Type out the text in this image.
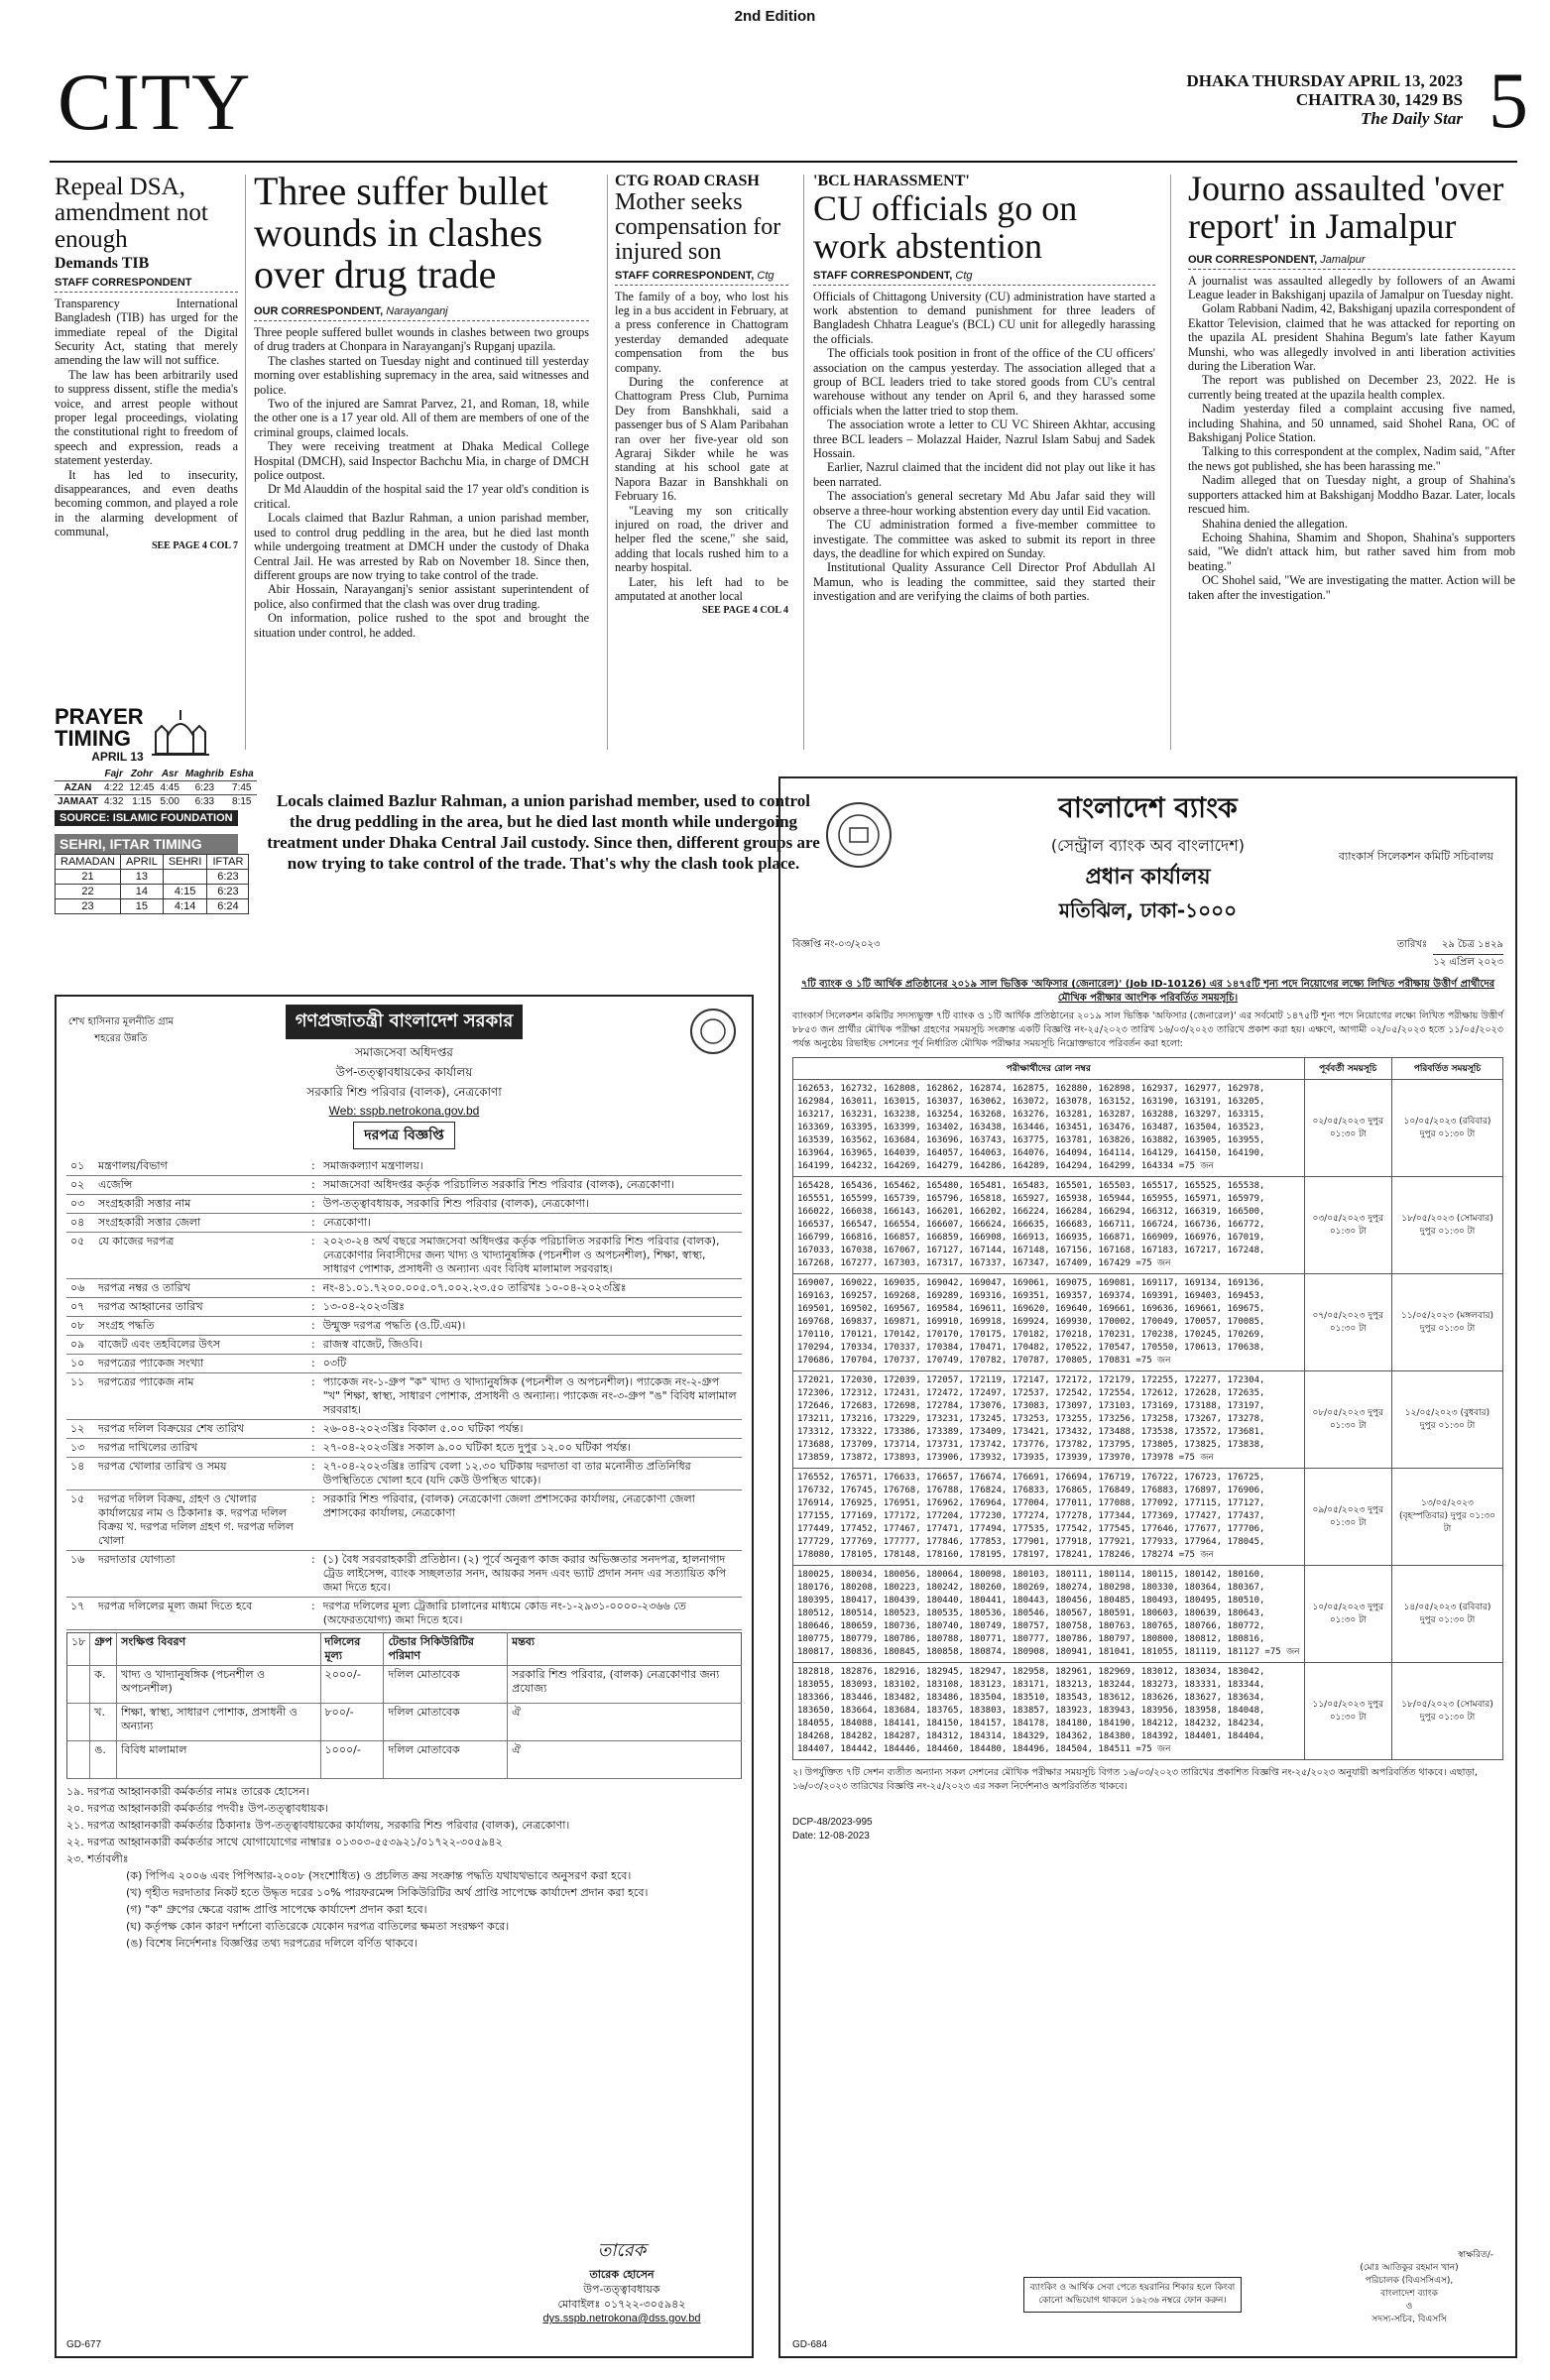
2nd Edition
CITY	DHAKA THURSDAY APRIL 13, 2023
CHAITRA 30, 1429 BS
The Daily Star 5
Repeal DSA, amendment not enough
Demands TIB
STAFF CORRESPONDENT

Transparency International Bangladesh (TIB) has urged for the immediate repeal of the Digital Security Act, stating that merely amending the law will not suffice.

The law has been arbitrarily used to suppress dissent, stifle the media's voice, and arrest people without proper legal proceedings, violating the constitutional right to freedom of speech and expression, reads a statement yesterday.

It has led to insecurity, disappearances, and even deaths becoming common, and played a role in the alarming development of communal,

SEE PAGE 4 COL 7
Three suffer bullet wounds in clashes over drug trade
OUR CORRESPONDENT, Narayanganj

Three people suffered bullet wounds in clashes between two groups of drug traders at Chonpara in Narayanganj's Rupganj upazila.

The clashes started on Tuesday night and continued till yesterday morning over establishing supremacy in the area, said witnesses and police.

Two of the injured are Samrat Parvez, 21, and Roman, 18, while the other one is a 17 year old. All of them are members of one of the criminal groups, claimed locals.

They were receiving treatment at Dhaka Medical College Hospital (DMCH), said Inspector Bachchu Mia, in charge of DMCH police outpost.

Dr Md Alauddin of the hospital said the 17 year old's condition is critical.

Locals claimed that Bazlur Rahman, a union parishad member, used to control drug peddling in the area, but he died last month while undergoing treatment at DMCH under the custody of Dhaka Central Jail. He was arrested by Rab on November 18. Since then, different groups are now trying to take control of the trade.

Abir Hossain, Narayanganj's senior assistant superintendent of police, also confirmed that the clash was over drug trading.

On information, police rushed to the spot and brought the situation under control, he added.

CTG ROAD CRASH
Mother seeks compensation for injured son
STAFF CORRESPONDENT, Ctg

The family of a boy, who lost his leg in a bus accident in February, at a press conference in Chattogram yesterday demanded adequate compensation from the bus company.

During the conference at Chattogram Press Club, Purnima Dey from Banshkhali, said a passenger bus of S Alam Paribahan ran over her five-year old son Agraraj Sikder while he was standing at his school gate at Napora Bazar in Banshkhali on February 16.

"Leaving my son critically injured on road, the driver and helper fled the scene," she said, adding that locals rushed him to a nearby hospital.

Later, his left had to be amputated at another local

SEE PAGE 4 COL 4
'BCL HARASSMENT'
CU officials go on work abstention
STAFF CORRESPONDENT, Ctg

Officials of Chittagong University (CU) administration have started a work abstention to demand punishment for three leaders of Bangladesh Chhatra League's (BCL) CU unit for allegedly harassing the officials.

The officials took position in front of the office of the CU officers' association on the campus yesterday. The association alleged that a group of BCL leaders tried to take stored goods from CU's central warehouse without any tender on April 6, and they harassed some officials when the latter tried to stop them.

The association wrote a letter to CU VC Shireen Akhtar, accusing three BCL leaders – Molazzal Haider, Nazrul Islam Sabuj and Sadek Hossain.

Earlier, Nazrul claimed that the incident did not play out like it has been narrated.

The association's general secretary Md Abu Jafar said they will observe a three-hour working abstention every day until Eid vacation.

The CU administration formed a five-member committee to investigate. The committee was asked to submit its report in three days, the deadline for which expired on Sunday.

Institutional Quality Assurance Cell Director Prof Abdullah Al Mamun, who is leading the committee, said they started their investigation and are verifying the claims of both parties.

Journo assaulted 'over report' in Jamalpur
OUR CORRESPONDENT, Jamalpur

A journalist was assaulted allegedly by followers of an Awami League leader in Bakshiganj upazila of Jamalpur on Tuesday night.

Golam Rabbani Nadim, 42, Bakshiganj upazila correspondent of Ekattor Television, claimed that he was attacked for reporting on the upazila AL president Shahina Begum's late father Kayum Munshi, who was allegedly involved in anti liberation activities during the Liberation War.

The report was published on December 23, 2022. He is currently being treated at the upazila health complex.

Nadim yesterday filed a complaint accusing five named, including Shahina, and 50 unnamed, said Shohel Rana, OC of Bakshiganj Police Station.

Talking to this correspondent at the complex, Nadim said, "After the news got published, she has been harassing me."

Nadim alleged that on Tuesday night, a group of Shahina's supporters attacked him at Bakshiganj Moddho Bazar. Later, locals rescued him.

Shahina denied the allegation.

Echoing Shahina, Shamim and Shopon, Shahina's supporters said, "We didn't attack him, but rather saved him from mob beating."

OC Shohel said, "We are investigating the matter. Action will be taken after the investigation."

PRAYER
TIMING
APRIL 13
	Fajr	Zohr	Asr	Maghrib	Esha
AZAN	4:22	12:45	4:45	6:23	7:45
JAMAAT	4:32	1:15	5:00	6:33	8:15
SOURCE: ISLAMIC FOUNDATION
SEHRI, IFTAR TIMING
RAMADAN	APRIL	SEHRI	IFTAR
21	13		6:23
22	14	4:15	6:23
23	15	4:14	6:24
Locals claimed Bazlur Rahman, a union parishad member, used to control the drug peddling in the area, but he died last month while undergoing treatment under Dhaka Central Jail custody. Since then, different groups are now trying to take control of the trade. That's why the clash took place.
শেখ হাসিনার মূলনীতি গ্রাম শহরের উন্নতি
গণপ্রজাতন্ত্রী বাংলাদেশ সরকার
সমাজসেবা অধিদপ্তর
উপ-তত্ত্বাবধায়কের কার্যালয়
সরকারি শিশু পরিবার (বালক), নেত্রকোণা
Web: sspb.netrokona.gov.bd
দরপত্র বিজ্ঞপ্তি
০১	মন্ত্রণালয়/বিভাগ	:	সমাজকল্যাণ মন্ত্রণালয়।
০২	এজেন্সি	:	সমাজসেবা অধিদপ্তর কর্তৃক পরিচালিত সরকারি শিশু পরিবার (বালক), নেত্রকোণা।
০৩	সংগ্রহকারী সত্তার নাম	:	উপ-তত্ত্বাবধায়ক, সরকারি শিশু পরিবার (বালক), নেত্রকোণা।
০৪	সংগ্রহকারী সত্তার জেলা	:	নেত্রকোণা।
০৫	যে কাজের দরপত্র	:	২০২৩-২৪ অর্থ বছরে সমাজসেবা অধিদপ্তর কর্তৃক পরিচালিত সরকারি শিশু পরিবার (বালক), নেত্রকোণার নিবাসীদের জন্য খাদ্য ও খাদ্যানুষঙ্গিক (পচনশীল ও অপচনশীল), শিক্ষা, স্বাস্থ্য, সাধারণ পোশাক, প্রসাধনী ও অন্যান্য এবং বিবিধ মালামাল সরবরাহ।
০৬	দরপত্র নম্বর ও তারিখ	:	নং-৪১.০১.৭২০০.০০৫.০৭.০০২.২৩.৫০ তারিখঃ ১০-০৪-২০২৩খ্রিঃ
০৭	দরপত্র আহ্বানের তারিখ	:	১৩-০৪-২০২৩খ্রিঃ
০৮	সংগ্রহ পদ্ধতি	:	উন্মুক্ত দরপত্র পদ্ধতি (ও.টি.এম)।
০৯	বাজেট এবং তহবিলের উৎস	:	রাজস্ব বাজেট, জিওবি।
১০	দরপত্রের প্যাকেজ সংখ্যা	:	০৩টি
১১	দরপত্রের প্যাকেজ নাম	:	প্যাকেজ নং-১-গ্রুপ "ক" খাদ্য ও খাদ্যানুষঙ্গিক (পচনশীল ও অপচনশীল)। প্যাকেজ নং-২-গ্রুপ "খ" শিক্ষা, স্বাস্থ্য, সাধারণ পোশাক, প্রসাধনী ও অন্যান্য। প্যাকেজ নং-৩-গ্রুপ "ঙ" বিবিধ মালামাল সরবরাহ।
১২	দরপত্র দলিল বিক্রয়ের শেষ তারিখ	:	২৬-০৪-২০২৩খ্রিঃ বিকাল ৫.০০ ঘটিকা পর্যন্ত।
১৩	দরপত্র দাখিলের তারিখ	:	২৭-০৪-২০২৩খ্রিঃ সকাল ৯.০০ ঘটিকা হতে দুপুর ১২.০০ ঘটিকা পর্যন্ত।
১৪	দরপত্র খোলার তারিখ ও সময়	:	২৭-০৪-২০২৩খ্রিঃ তারিখ বেলা ১২.৩০ ঘটিকায় দরদাতা বা তার মনোনীত প্রতিনিধির উপস্থিতিতে খোলা হবে (যদি কেউ উপস্থিত থাকে)।
১৫	দরপত্র দলিল বিক্রয়, গ্রহণ ও খোলার কার্যালয়ের নাম ও ঠিকানাঃ ক. দরপত্র দলিল বিক্রয় খ. দরপত্র দলিল গ্রহণ গ. দরপত্র দলিল খোলা	:	সরকারি শিশু পরিবার, (বালক) নেত্রকোণা জেলা প্রশাসকের কার্যালয়, নেত্রকোণা জেলা প্রশাসকের কার্যালয়, নেত্রকোণা
১৬	দরদাতার যোগ্যতা	:	(১) বৈধ সরবরাহকারী প্রতিষ্ঠান। (২) পূর্বে অনুরূপ কাজ করার অভিজ্ঞতার সনদপত্র, হালনাগাদ ট্রেড লাইসেন্স, ব্যাংক সচ্ছলতার সনদ, আয়কর সনদ এবং ভ্যাট প্রদান সনদ এর সত্যায়িত কপি জমা দিতে হবে।
১৭	দরপত্র দলিলের মূল্য জমা দিতে হবে	:	দরপত্র দলিলের মূল্য ট্রেজারি চালানের মাধ্যমে কোড নং-১-২৯৩১-০০০০-২৩৬৬ তে (অফেরতযোগ্য) জমা দিতে হবে।
১৮	গ্রুপ	সংক্ষিপ্ত বিবরণ	দলিলের মূল্য	টেন্ডার সিকিউরিটির পরিমাণ	মন্তব্য
	ক.	খাদ্য ও খাদ্যানুষঙ্গিক (পচনশীল ও অপচনশীল)	২০০০/-	দলিল মোতাবেক	সরকারি শিশু পরিবার, (বালক) নেত্রকোণার জন্য প্রযোজ্য
	খ.	শিক্ষা, স্বাস্থ্য, সাধারণ পোশাক, প্রসাধনী ও অন্যান্য	৮০০/-	দলিল মোতাবেক	ঐ
	ঙ.	বিবিধ মালামাল	১০০০/-	দলিল মোতাবেক	ঐ
১৯. দরপত্র আহ্বানকারী কর্মকর্তার নামঃ তারেক হোসেন।
২০. দরপত্র আহ্বানকারী কর্মকর্তার পদবীঃ উপ-তত্ত্বাবধায়ক।
২১. দরপত্র আহ্বানকারী কর্মকর্তার ঠিকানাঃ উপ-তত্ত্বাবধায়কের কার্যালয়, সরকারি শিশু পরিবার (বালক), নেত্রকোণা।
২২. দরপত্র আহ্বানকারী কর্মকর্তার সাথে যোগাযোগের নাম্বারঃ ০১৩০৩-৫৫৩৯২১/০১৭২২-৩০৫৯৪২
২৩. শর্তাবলীঃ
(ক) পিপিএ ২০০৬ এবং পিপিআর-২০০৮ (সংশোধিত) ও প্রচলিত ক্রয় সংক্রান্ত পদ্ধতি যথাযথভাবে অনুসরণ করা হবে।
(খ) গৃহীত দরদাতার নিকট হতে উদ্ধৃত দরের ১০% পারফরমেন্স সিকিউরিটির অর্থ প্রাপ্তি সাপেক্ষে কার্যাদেশ প্রদান করা হবে।
(গ) "ক" গ্রুপের ক্ষেত্রে বরাদ্দ প্রাপ্তি সাপেক্ষে কার্যাদেশ প্রদান করা হবে।
(ঘ) কর্তৃপক্ষ কোন কারণ দর্শানো ব্যতিরেকে যেকোন দরপত্র বাতিলের ক্ষমতা সংরক্ষণ করে।
(ঙ) বিশেষ নির্দেশনাঃ বিজ্ঞপ্তির তথ্য দরপত্রের দলিলে বর্ণিত থাকবে।
তারেক
তারেক হোসেন
উপ-তত্ত্বাবধায়ক
মোবাইলঃ ০১৭২২-৩০৫৯৪২
dys.sspb.netrokona@dss.gov.bd
GD-677
বাংলাদেশ ব্যাংক
(সেন্ট্রাল ব্যাংক অব বাংলাদেশ)
প্রধান কার্যালয়
মতিঝিল, ঢাকা-১০০০
ব্যাংকার্স সিলেকশন কমিটি সচিবালয়
বিজ্ঞপ্তি নং-০৩/২০২৩	তারিখঃ	২৯ চৈত্র ১৪২৯
১২ এপ্রিল ২০২৩
৭টি ব্যাংক ও ১টি আর্থিক প্রতিষ্ঠানের ২০১৯ সাল ভিত্তিক 'অফিসার (জেনারেল)' (Job ID-10126) এর ১৪৭৫টি শূন্য পদে নিয়োগের লক্ষ্যে লিখিত পরীক্ষায় উত্তীর্ণ প্রার্থীদের মৌখিক পরীক্ষার আংশিক পরিবর্তিত সময়সূচি।
ব্যাংকার্স সিলেকশন কমিটির সদস্যভুক্ত ৭টি ব্যাংক ও ১টি আর্থিক প্রতিষ্ঠানের ২০১৯ সাল ভিত্তিক 'অফিসার (জেনারেল)' এর সর্বমোট ১৪৭৫টি শূন্য পদে নিয়োগের লক্ষ্যে লিখিত পরীক্ষায় উত্তীর্ণ ৮৮৫৩ জন প্রার্থীর মৌখিক পরীক্ষা গ্রহণের সময়সূচি সংক্রান্ত একটি বিজ্ঞপ্তি নং-২৫/২০২৩ তারিখ ১৬/০৩/২০২৩ তারিখে প্রকাশ করা হয়। এক্ষণে, আগামী ০২/০৫/২০২৩ হতে ১১/০৫/২০২৩ পর্যন্ত অনুষ্ঠেয় রিভাইভ সেশনের পূর্ব নির্ধারিত মৌখিক পরীক্ষার সময়সূচি নিম্নোক্তভাবে পরিবর্তন করা হলো:
পরীক্ষার্থীদের রোল নম্বর	পূর্ববর্তী সময়সূচি	পরিবর্তিত সময়সূচি
162653, 162732, 162808, 162862, 162874, 162875, 162880, 162898, 162937, 162977, 162978, 162984, 163011, 163015, 163037, 163062, 163072, 163078, 163152, 163190, 163191, 163205, 163217, 163231, 163238, 163254, 163268, 163276, 163281, 163287, 163288, 163297, 163315, 163369, 163395, 163399, 163402, 163438, 163446, 163451, 163476, 163487, 163504, 163523, 163539, 163562, 163684, 163696, 163743, 163775, 163781, 163826, 163882, 163905, 163955, 163964, 163965, 164039, 164057, 164063, 164076, 164094, 164114, 164129, 164150, 164190, 164199, 164232, 164269, 164279, 164286, 164289, 164294, 164299, 164334 =75 জন	০২/০৫/২০২৩ দুপুর ০১:৩০ টা	১০/০৫/২০২৩ (রবিবার) দুপুর ০১:৩০ টা
165428, 165436, 165462, 165480, 165481, 165483, 165501, 165503, 165517, 165525, 165538, 165551, 165599, 165739, 165796, 165818, 165927, 165938, 165944, 165955, 165971, 165979, 166022, 166038, 166143, 166201, 166202, 166224, 166284, 166294, 166312, 166319, 166500, 166537, 166547, 166554, 166607, 166624, 166635, 166683, 166711, 166724, 166736, 166772, 166799, 166816, 166857, 166859, 166908, 166913, 166935, 166871, 166909, 166976, 167019, 167033, 167038, 167067, 167127, 167144, 167148, 167156, 167168, 167183, 167217, 167248, 167268, 167277, 167303, 167317, 167337, 167347, 167409, 167429 =75 জন	০৩/০৫/২০২৩ দুপুর ০১:৩০ টা	১৮/০৫/২০২৩ (সোমবার) দুপুর ০১:৩০ টা
169007, 169022, 169035, 169042, 169047, 169061, 169075, 169081, 169117, 169134, 169136, 169163, 169257, 169268, 169289, 169316, 169351, 169357, 169374, 169391, 169403, 169453, 169501, 169502, 169567, 169584, 169611, 169620, 169640, 169661, 169636, 169661, 169675, 169768, 169837, 169871, 169910, 169918, 169924, 169930, 170002, 170049, 170057, 170085, 170110, 170121, 170142, 170170, 170175, 170182, 170218, 170231, 170238, 170245, 170269, 170294, 170334, 170337, 170384, 170471, 170482, 170522, 170547, 170550, 170613, 170638, 170686, 170704, 170737, 170749, 170782, 170787, 170805, 170831 =75 জন	০৭/০৫/২০২৩ দুপুর ০১:৩০ টা	১১/০৫/২০২৩ (মঙ্গলবার) দুপুর ০১:৩০ টা
172021, 172030, 172039, 172057, 172119, 172147, 172172, 172179, 172255, 172277, 172304, 172306, 172312, 172431, 172472, 172497, 172537, 172542, 172554, 172612, 172628, 172635, 172646, 172683, 172698, 172784, 173076, 173083, 173097, 173103, 173169, 173188, 173197, 173211, 173216, 173229, 173231, 173245, 173253, 173255, 173256, 173258, 173267, 173278, 173312, 173322, 173386, 173389, 173409, 173421, 173432, 173488, 173538, 173572, 173681, 173688, 173709, 173714, 173731, 173742, 173776, 173782, 173795, 173805, 173825, 173838, 173859, 173872, 173893, 173906, 173932, 173935, 173939, 173970, 173978 =75 জন	০৮/০৫/২০২৩ দুপুর ০১:৩০ টা	১২/০৫/২০২৩ (বুধবার) দুপুর ০১:৩০ টা
176552, 176571, 176633, 176657, 176674, 176691, 176694, 176719, 176722, 176723, 176725, 176732, 176745, 176768, 176788, 176824, 176833, 176865, 176849, 176883, 176897, 176906, 176914, 176925, 176951, 176962, 176964, 177004, 177011, 177088, 177092, 177115, 177127, 177155, 177169, 177172, 177204, 177230, 177274, 177278, 177344, 177369, 177427, 177437, 177449, 177452, 177467, 177471, 177494, 177535, 177542, 177545, 177646, 177677, 177706, 177729, 177769, 177777, 177846, 177853, 177901, 177918, 177921, 177933, 177964, 178045, 178080, 178105, 178148, 178160, 178195, 178197, 178241, 178246, 178274 =75 জন	০৯/০৫/২০২৩ দুপুর ০১:৩০ টা	১৩/০৫/২০২৩ (বৃহস্পতিবার) দুপুর ০১:৩০ টা
180025, 180034, 180056, 180064, 180098, 180103, 180111, 180114, 180115, 180142, 180160, 180176, 180208, 180223, 180242, 180260, 180269, 180274, 180298, 180330, 180364, 180367, 180395, 180417, 180439, 180440, 180441, 180443, 180456, 180485, 180493, 180495, 180510, 180512, 180514, 180523, 180535, 180536, 180546, 180567, 180591, 180603, 180639, 180643, 180646, 180659, 180736, 180740, 180749, 180757, 180758, 180763, 180765, 180766, 180772, 180775, 180779, 180786, 180788, 180771, 180777, 180786, 180797, 180800, 180812, 180816, 180817, 180836, 180845, 180858, 180874, 180908, 180941, 181041, 181055, 181119, 181127 =75 জন	১০/০৫/২০২৩ দুপুর ০১:৩০ টা	১৪/০৫/২০২৩ (রবিবার) দুপুর ০১:৩০ টা
182818, 182876, 182916, 182945, 182947, 182958, 182961, 182969, 183012, 183034, 183042, 183055, 183093, 183102, 183108, 183123, 183171, 183213, 183244, 183273, 183331, 183344, 183366, 183446, 183482, 183486, 183504, 183510, 183543, 183612, 183626, 183627, 183634, 183650, 183664, 183684, 183765, 183803, 183857, 183923, 183943, 183956, 183958, 184048, 184055, 184088, 184141, 184150, 184157, 184178, 184180, 184190, 184212, 184232, 184234, 184268, 184282, 184287, 184312, 184314, 184329, 184362, 184380, 184392, 184401, 184404, 184407, 184442, 184446, 184460, 184480, 184496, 184504, 184511 =75 জন	১১/০৫/২০২৩ দুপুর ০১:৩০ টা	১৮/০৫/২০২৩ (সোমবার) দুপুর ০১:৩০ টা
২। উপর্যুক্তিত ৭টি সেশন ব্যতীত অন্যান্য সকল সেশনের মৌখিক পরীক্ষার সময়সূচি বিগত ১৬/০৩/২০২৩ তারিখের প্রকাশিত বিজ্ঞপ্তি নং-২৫/২০২৩ অনুযায়ী অপরিবর্তিত থাকবে। এছাড়া, ১৬/০৩/২০২৩ তারিখের বিজ্ঞপ্তি নং-২৫/২০২৩ এর সকল নির্দেশনাও অপরিবর্তিত থাকবে।
DCP-48/2023-995
Date: 12-08-2023
ব্যাংকিং ও আর্থিক সেবা পেতে হয়রানির শিকার হলে কিংবা কোনো অভিযোগ থাকলে ১৬২৩৬ নম্বরে ফোন করুন।
স্বাক্ষরিত/-
(মোঃ আতিকুর রহমান খান)
পরিচালক (বিএসসিএস),
বাংলাদেশ ব্যাংক
ও
সদস্য-সচিব, বিএসসি
GD-684
